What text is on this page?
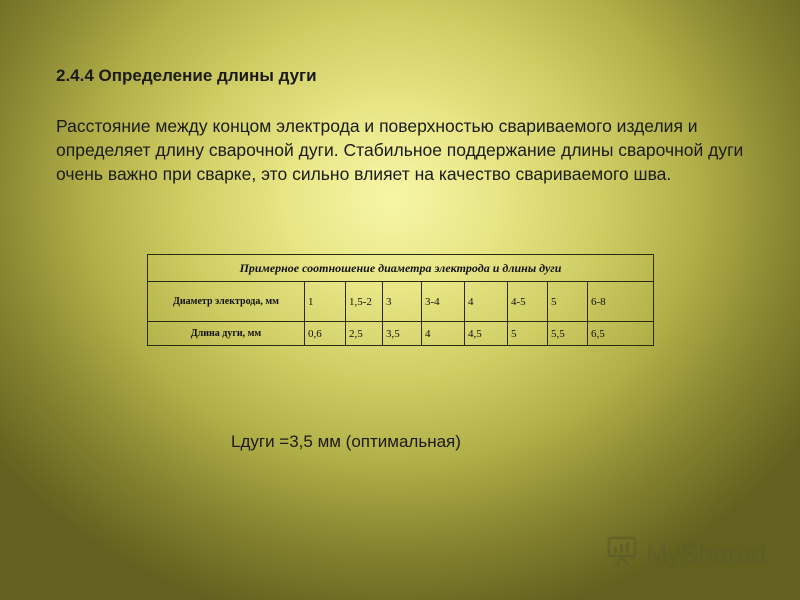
2.4.4 Определение длины дуги
Расстояние между концом электрода и поверхностью свариваемого изделия и определяет длину сварочной дуги. Стабильное поддержание длины сварочной дуги очень важно при сварке, это сильно влияет на качество свариваемого шва.
Примерное соотношение диаметра электрода и длины дуги								
Диаметр электрода, мм	1	1,5-2	3	3-4	4	4-5	5	6-8
Длина дуги, мм	0,6	2,5	3,5	4	4,5	5	5,5	6,5
Lдуги =3,5 мм (оптимальная)
MyShared
